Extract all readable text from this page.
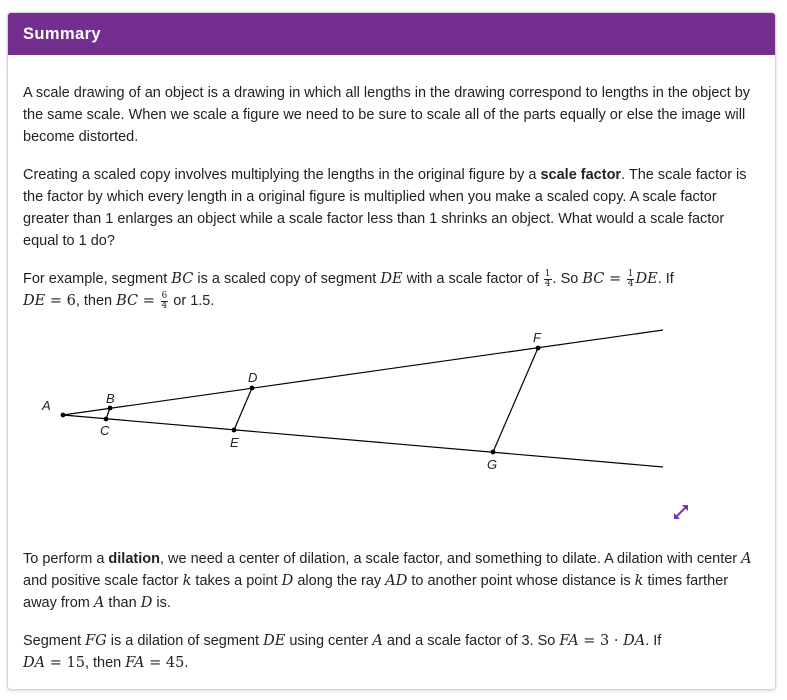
Summary

A scale drawing of an object is a drawing in which all lengths in the drawing correspond to lengths in the object by the same scale. When we scale a figure we need to be sure to scale all of the parts equally or else the image will become distorted.

Creating a scaled copy involves multiplying the lengths in the original figure by a scale factor. The scale factor is the factor by which every length in a original figure is multiplied when you make a scaled copy. A scale factor greater than 1 enlarges an object while a scale factor less than 1 shrinks an object. What would a scale factor equal to 1 do?

For example, segment BC is a scaled copy of segment DE with a scale factor of $\frac{1}{4}$ . So BC = $\frac{1}{4}$ DE. If
DE = 6, then BC = $\frac{6}{4}$ or 1.5.

A	B
C
D
E
F
G

To perform a dilation, we need a center of dilation, a scale factor, and something to dilate. A dilation with center A and positive scale factor k takes a point D along the ray AD to another point whose distance is k times farther away from A than D is.

Segment FG is a dilation of segment DE using center A and a scale factor of 3. So FA = 3 · DA. If
DA = 15, then FA = 45.
